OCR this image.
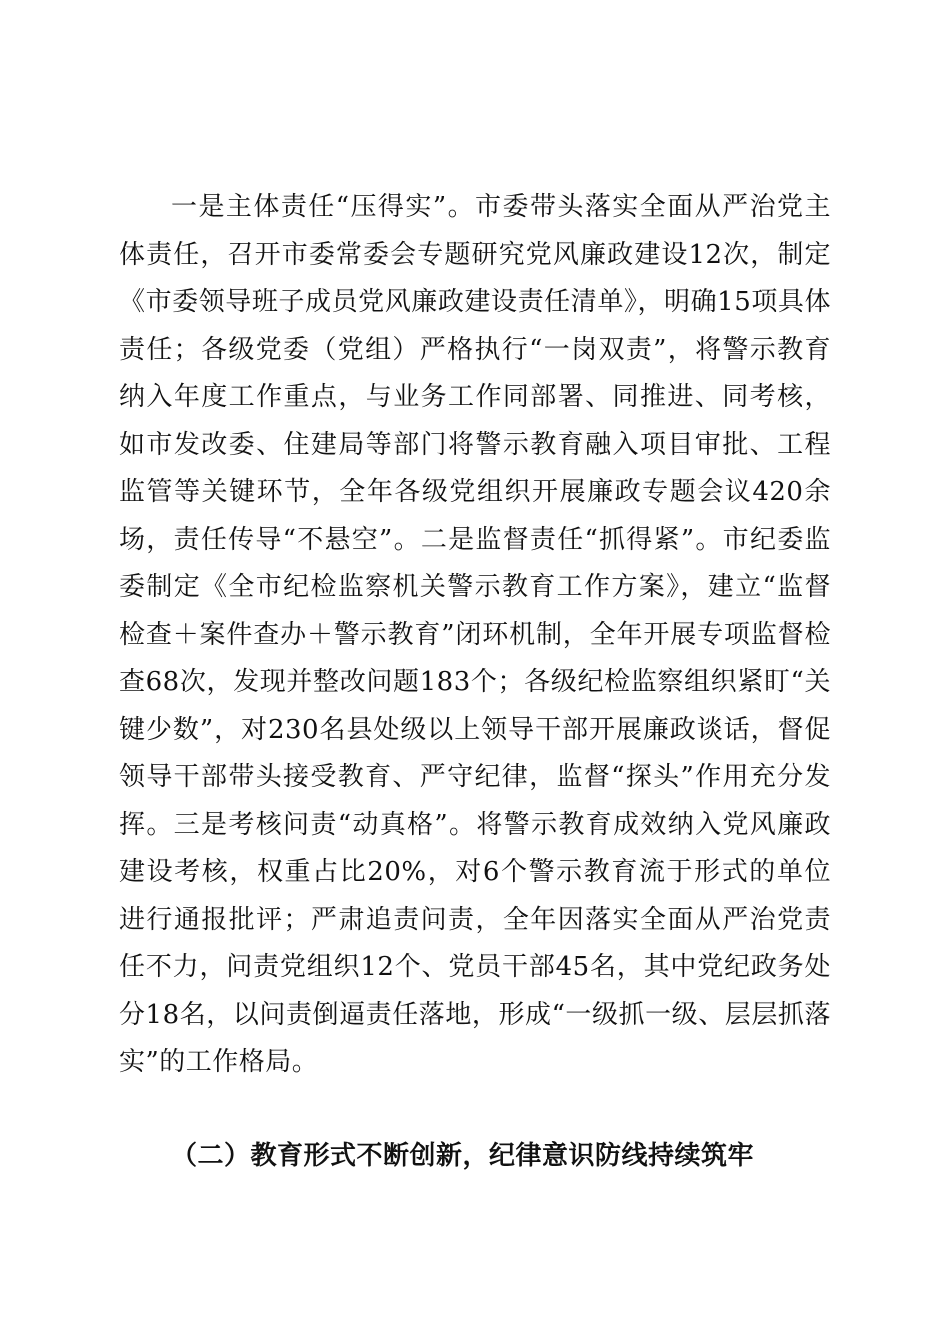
一是主体责任“压得实”。市委带头落实全面从严治党主体责任，召开市委常委会专题研究党风廉政建设12次，制定《市委领导班子成员党风廉政建设责任清单》，明确15项具体责任；各级党委（党组）严格执行“一岗双责”，将警示教育纳入年度工作重点，与业务工作同部署、同推进、同考核，如市发改委、住建局等部门将警示教育融入项目审批、工程监管等关键环节，全年各级党组织开展廉政专题会议420余场，责任传导“不悬空”。二是监督责任“抓得紧”。市纪委监委制定《全市纪检监察机关警示教育工作方案》，建立“监督检查＋案件查办＋警示教育”闭环机制，全年开展专项监督检查68次，发现并整改问题183个；各级纪检监察组织紧盯“关键少数”，对230名县处级以上领导干部开展廉政谈话，督促领导干部带头接受教育、严守纪律，监督“探头”作用充分发挥。三是考核问责“动真格”。将警示教育成效纳入党风廉政建设考核，权重占比20%，对6个警示教育流于形式的单位进行通报批评；严肃追责问责，全年因落实全面从严治党责任不力，问责党组织12个、党员干部45名，其中党纪政务处分18名，以问责倒逼责任落地，形成“一级抓一级、层层抓落实”的工作格局。

（二）教育形式不断创新，纪律意识防线持续筑牢
